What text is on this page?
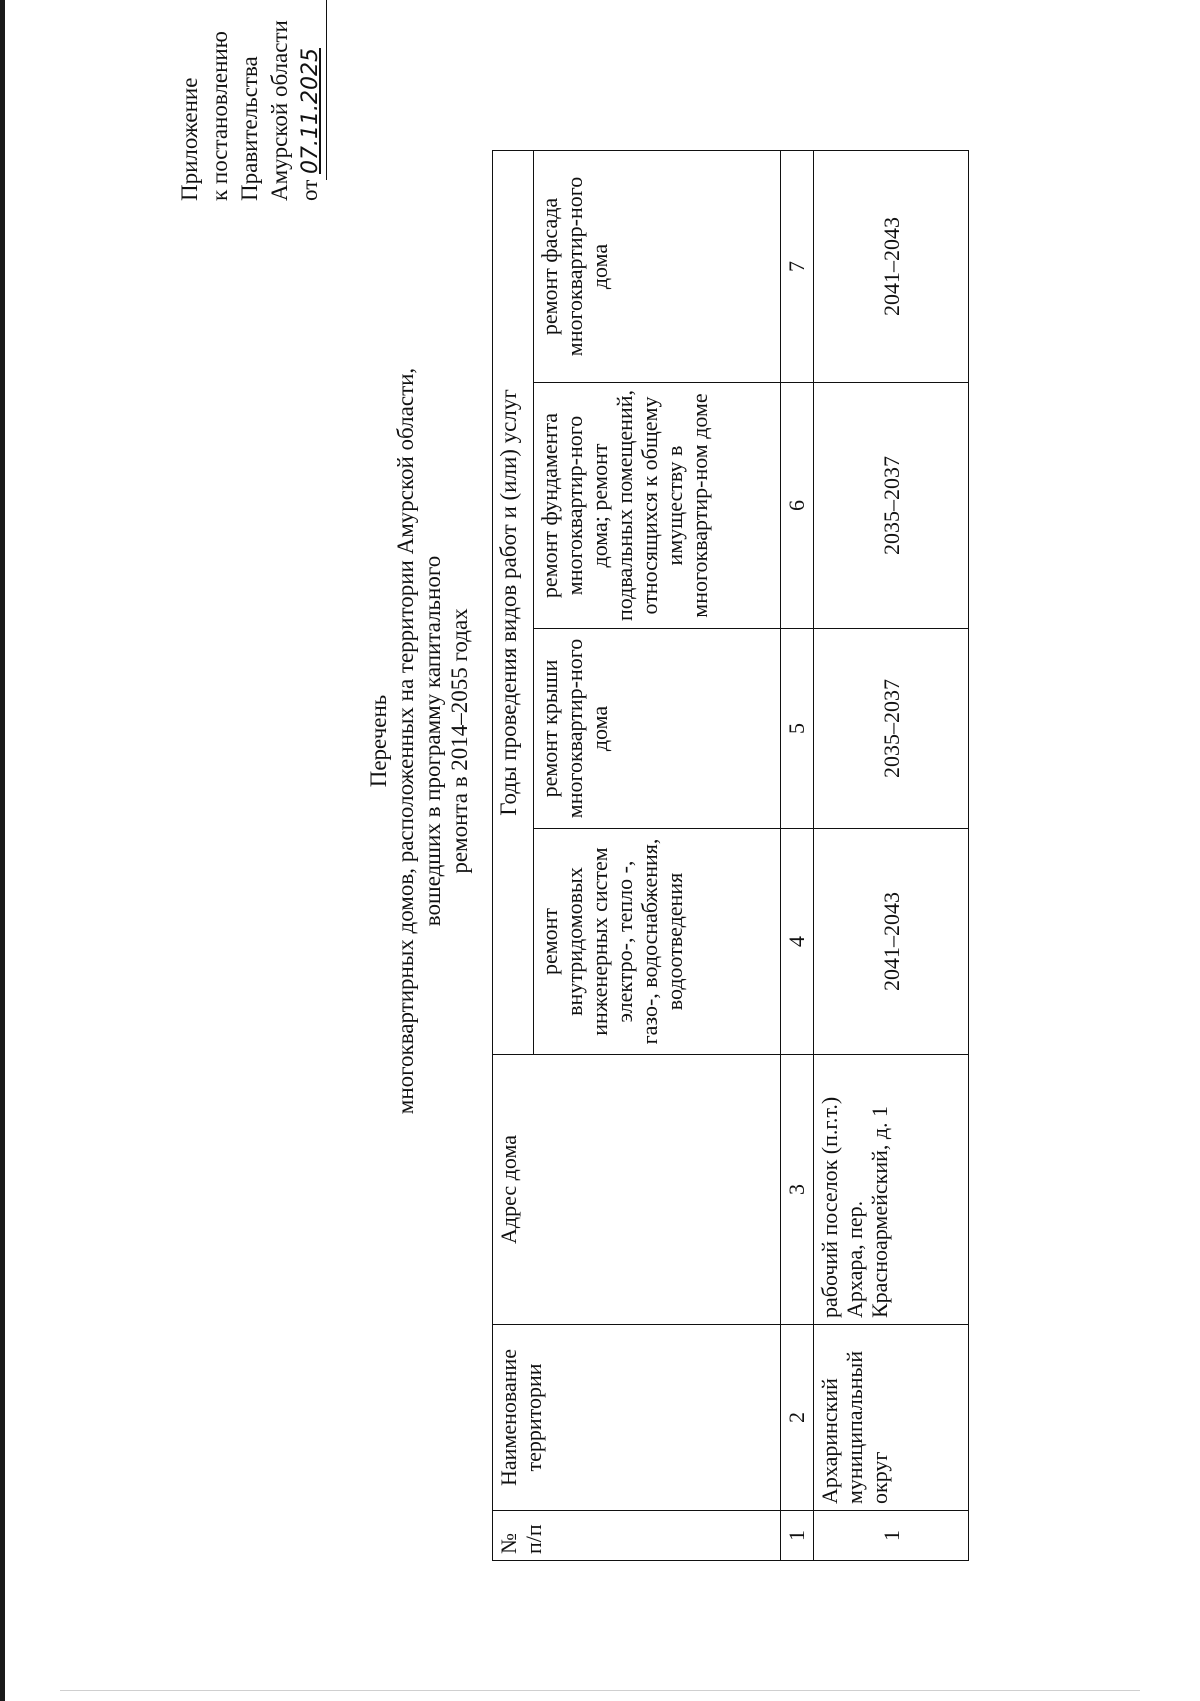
Приложение к постановлению Правительства Амурской области от
07.11.2025

Перечень многоквартирных домов, расположенных на территории Амурской области, вошедших в программу капитального ремонта в 2014–2055 годах
№ п/п	Наименование территории	Адрес дома	Годы проведения видов работ и (или) услуг			
			ремонт внутридомовых инженерных систем электро-, тепло -, газо-, водоснабжения, водоотведения	ремонт крыши многоквартир-ного дома	ремонт фундамента многоквартир-ного дома; ремонт подвальных помещений, относящихся к общему имуществу в многоквартир-ном доме	ремонт фасада многоквартир-ного дома
1	2	3	4	5	6	7
1	Архаринский муниципальный округ	рабочий поселок (п.г.т.) Архара, пер. Красноармейский, д. 1	2041–2043	2035–2037	2035–2037	2041–2043
